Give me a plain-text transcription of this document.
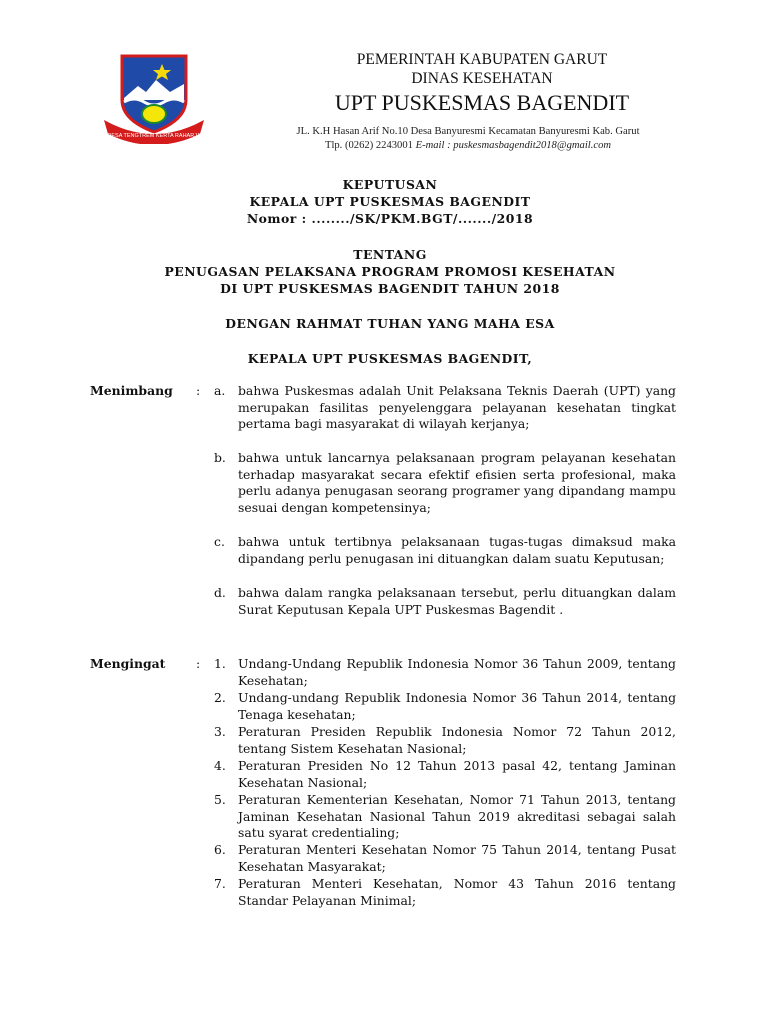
DESA TENGTREM KERTA RAHARJA
PEMERINTAH KABUPATEN GARUT
DINAS KESEHATAN
UPT PUSKESMAS BAGENDIT
JL. K.H Hasan Arif No.10 Desa Banyuresmi Kecamatan Banyuresmi Kab. Garut
Tlp. (0262) 2243001 E-mail : puskesmasbagendit2018@gmail.com
KEPUTUSAN
KEPALA UPT PUSKESMAS BAGENDIT
Nomor : ......../SK/PKM.BGT/......./2018
TENTANG
PENUGASAN PELAKSANA PROGRAM PROMOSI KESEHATAN
DI UPT PUSKESMAS BAGENDIT TAHUN 2018
DENGAN RAHMAT TUHAN YANG MAHA ESA
KEPALA UPT PUSKESMAS BAGENDIT,
Menimbang : a.	bahwa Puskesmas adalah Unit Pelaksana Teknis Daerah (UPT) yang merupakan fasilitas penyelenggara pelayanan kesehatan tingkat pertama bagi masyarakat di wilayah kerjanya;
b. bahwa untuk lancarnya pelaksanaan program pelayanan kesehatan terhadap masyarakat secara efektif efisien serta profesional, maka perlu adanya penugasan seorang programer yang dipandang mampu sesuai dengan kompetensinya;
c.	bahwa untuk tertibnya pelaksanaan tugas-tugas dimaksud maka dipandang perlu penugasan ini dituangkan dalam suatu Keputusan;
d. bahwa dalam rangka pelaksanaan tersebut, perlu dituangkan dalam Surat Keputusan Kepala UPT Puskesmas Bagendit .
Mengingat : 1. Undang-Undang Republik Indonesia Nomor 36 Tahun 2009, tentang Kesehatan;
2. Undang-undang Republik Indonesia Nomor 36 Tahun 2014, tentang Tenaga kesehatan;
3. Peraturan Presiden Republik Indonesia Nomor 72 Tahun 2012, tentang Sistem Kesehatan Nasional;
4. Peraturan Presiden No 12 Tahun 2013 pasal 42, tentang Jaminan Kesehatan Nasional;
5. Peraturan Kementerian Kesehatan, Nomor 71 Tahun 2013, tentang Jaminan Kesehatan Nasional Tahun 2019 akreditasi sebagai salah satu syarat credentialing;
6. Peraturan Menteri Kesehatan Nomor 75 Tahun 2014, tentang Pusat Kesehatan Masyarakat;
7. Peraturan Menteri Kesehatan, Nomor 43 Tahun 2016 tentang Standar Pelayanan Minimal;
